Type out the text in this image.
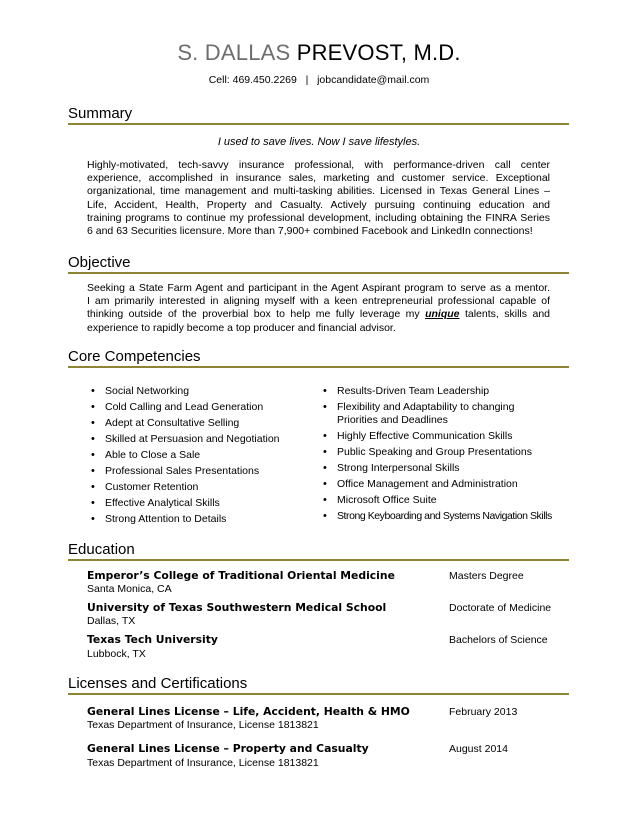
S. DALLAS PREVOST, M.D.
Cell: 469.450.2269   |   jobcandidate@mail.com
Summary
I used to save lives. Now I save lifestyles.
Highly-motivated, tech-savvy insurance professional, with performance-driven call center
experience, accomplished in insurance sales, marketing and customer service. Exceptional
organizational, time management and multi-tasking abilities. Licensed in Texas General Lines –
Life, Accident, Health, Property and Casualty. Actively pursuing continuing education and
training programs to continue my professional development, including obtaining the FINRA Series
6 and 63 Securities licensure. More than 7,900+ combined Facebook and LinkedIn connections!
Objective
Seeking a State Farm Agent and participant in the Agent Aspirant program to serve as a mentor.
I am primarily interested in aligning myself with a keen entrepreneurial professional capable of
thinking outside of the proverbial box to help me fully leverage my unique talents, skills and
experience to rapidly become a top producer and financial advisor.
Core Competencies
• Social Networking
• Cold Calling and Lead Generation
• Adept at Consultative Selling
• Skilled at Persuasion and Negotiation
• Able to Close a Sale
• Professional Sales Presentations
• Customer Retention
• Effective Analytical Skills
• Strong Attention to Details
• Results-Driven Team Leadership
• Flexibility and Adaptability to changing Priorities and Deadlines
• Highly Effective Communication Skills
• Public Speaking and Group Presentations
• Strong Interpersonal Skills
• Office Management and Administration
• Microsoft Office Suite
• Strong Keyboarding and Systems Navigation Skills
Education
Emperor’s College of Traditional Oriental Medicine
Santa Monica, CA
Masters Degree
University of Texas Southwestern Medical School
Dallas, TX
Doctorate of Medicine
Texas Tech University
Lubbock, TX
Bachelors of Science
Licenses and Certifications
General Lines License – Life, Accident, Health & HMO
Texas Department of Insurance, License 1813821
February 2013
General Lines License – Property and Casualty
Texas Department of Insurance, License 1813821
August 2014
